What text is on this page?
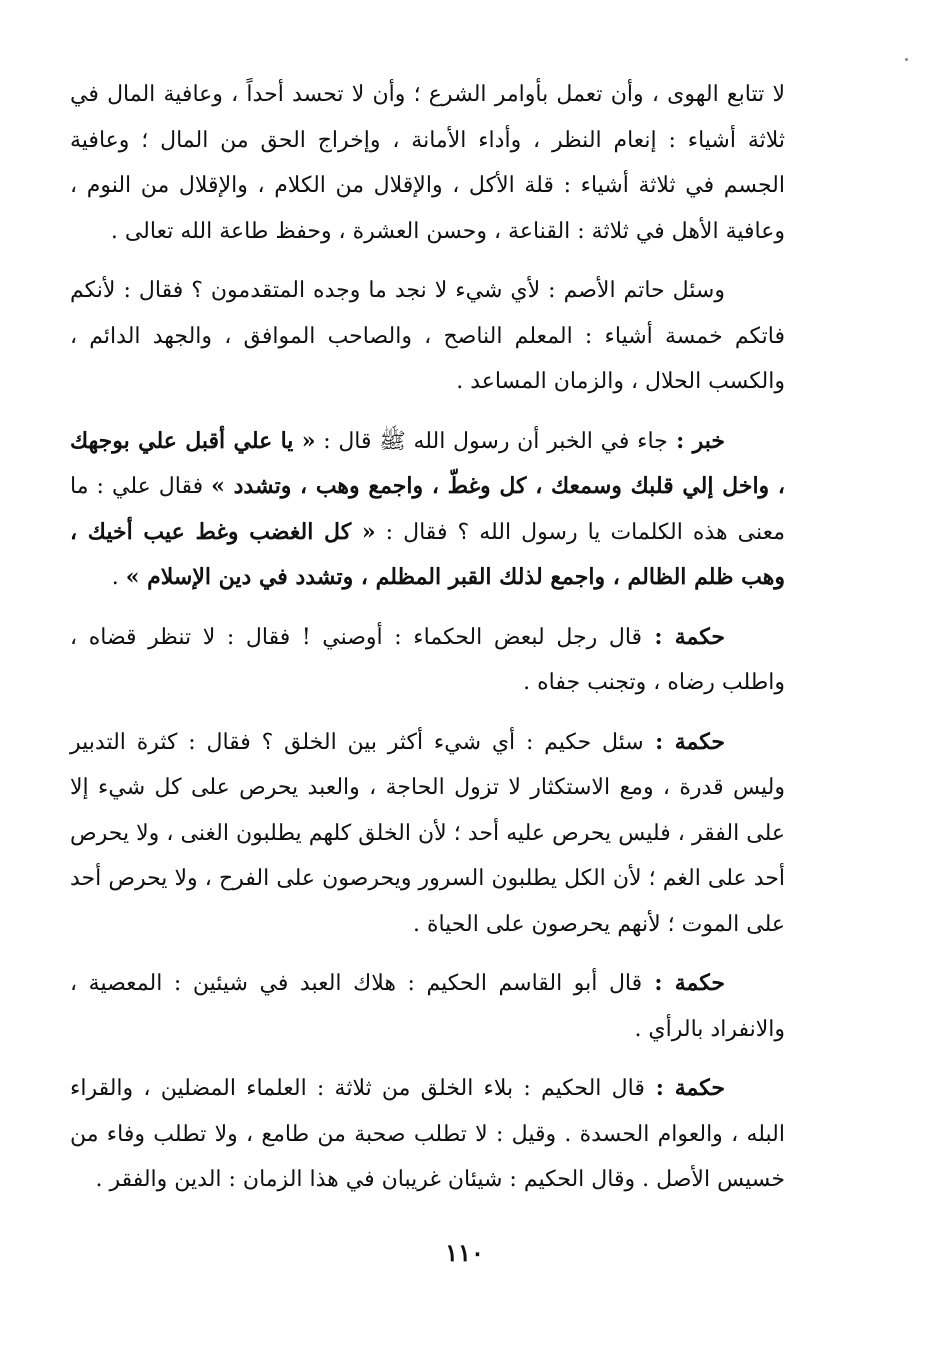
لا تتابع الهوى ، وأن تعمل بأوامر الشرع ؛ وأن لا تحسد أحداً ، وعافية المال في ثلاثة أشياء : إنعام النظر ، وأداء الأمانة ، وإخراج الحق من المال ؛ وعافية الجسم في ثلاثة أشياء : قلة الأكل ، والإقلال من الكلام ، والإقلال من النوم ، وعافية الأهل في ثلاثة : القناعة ، وحسن العشرة ، وحفظ طاعة الله تعالى .

وسئل حاتم الأصم : لأي شيء لا نجد ما وجده المتقدمون ؟ فقال : لأنكم فاتكم خمسة أشياء : المعلم الناصح ، والصاحب الموافق ، والجهد الدائم ، والكسب الحلال ، والزمان المساعد .

خبر : جاء في الخبر أن رسول الله ﷺ قال : « يا علي أقبل علي بوجهك ، واخل إلي قلبك وسمعك ، كل وغطّ ، واجمع وهب ، وتشدد » فقال علي : ما معنى هذه الكلمات يا رسول الله ؟ فقال : « كل الغضب وغط عيب أخيك ، وهب ظلم الظالم ، واجمع لذلك القبر المظلم ، وتشدد في دين الإسلام » .

حكمة : قال رجل لبعض الحكماء : أوصني ! فقال : لا تنظر قضاه ، واطلب رضاه ، وتجنب جفاه .

حكمة : سئل حكيم : أي شيء أكثر بين الخلق ؟ فقال : كثرة التدبير وليس قدرة ، ومع الاستكثار لا تزول الحاجة ، والعبد يحرص على كل شيء إلا على الفقر ، فليس يحرص عليه أحد ؛ لأن الخلق كلهم يطلبون الغنى ، ولا يحرص أحد على الغم ؛ لأن الكل يطلبون السرور ويحرصون على الفرح ، ولا يحرص أحد على الموت ؛ لأنهم يحرصون على الحياة .

حكمة : قال أبو القاسم الحكيم : هلاك العبد في شيئين : المعصية ، والانفراد بالرأي .

حكمة : قال الحكيم : بلاء الخلق من ثلاثة : العلماء المضلين ، والقراء البله ، والعوام الحسدة . وقيل : لا تطلب صحبة من طامع ، ولا تطلب وفاء من خسيس الأصل . وقال الحكيم : شيئان غريبان في هذا الزمان : الدين والفقر .

١١٠
